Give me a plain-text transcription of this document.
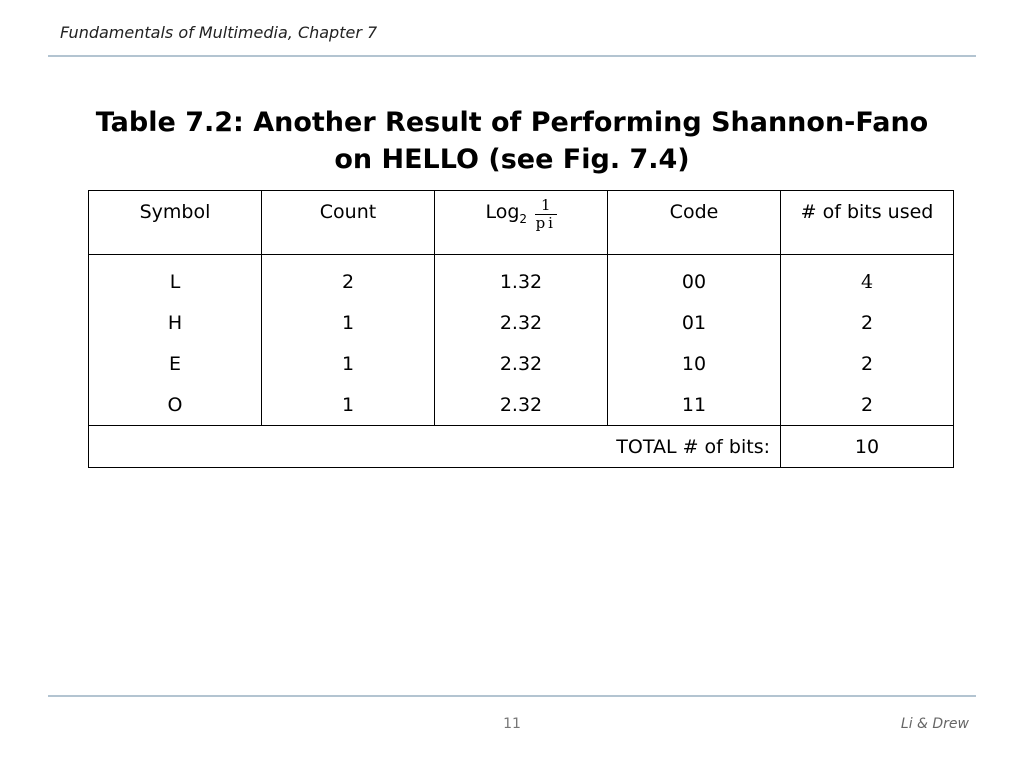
Fundamentals of Multimedia, Chapter 7
Table 7.2: Another Result of Performing Shannon-Fano
on HELLO (see Fig. 7.4)
Symbol	Count	$Log_2 \frac{1}{pi}$	Code	# of bits used
L	2	1.32	00	4
H	1	2.32	01	2
E	1	2.32	10	2
O	1	2.32	11	2
TOTAL # of bits:				10
11	Li & Drew
